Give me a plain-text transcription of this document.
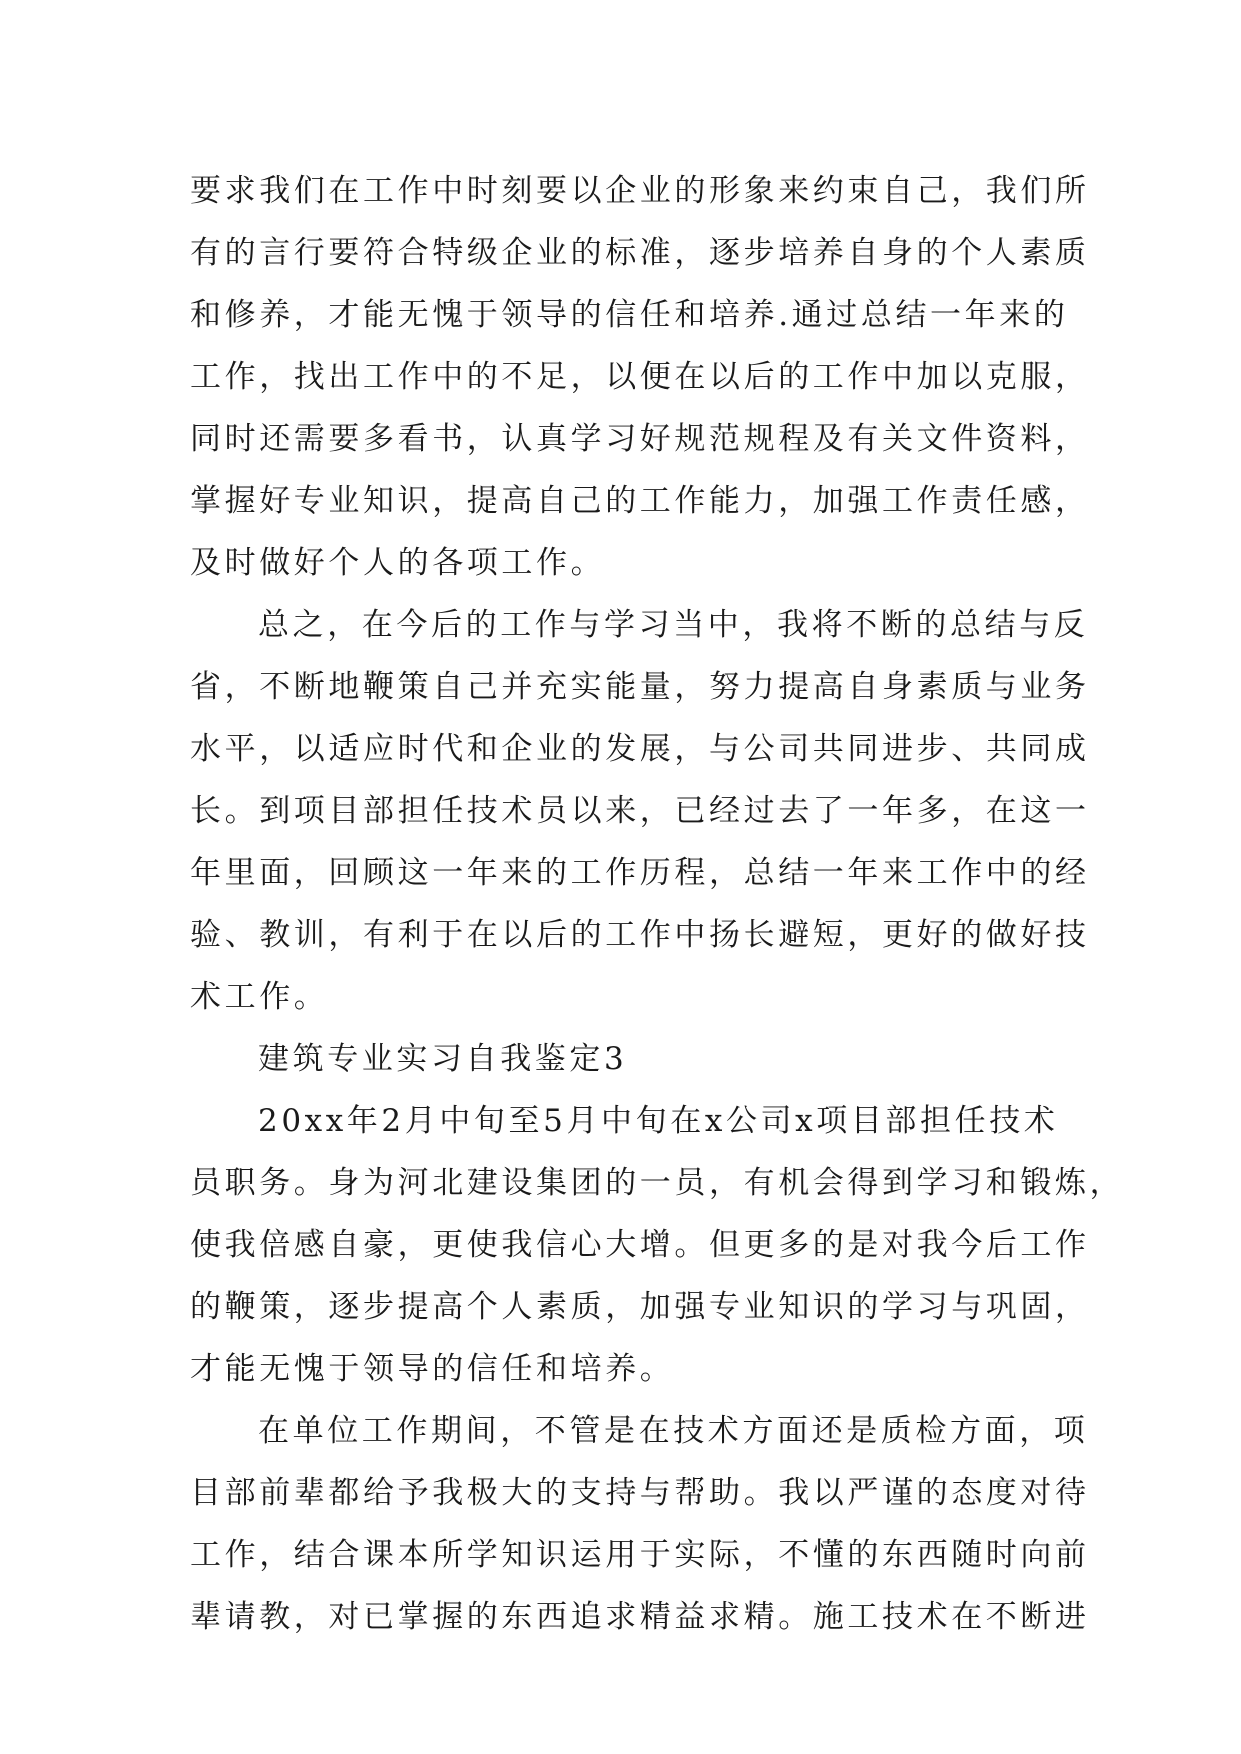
要求我们在工作中时刻要以企业的形象来约束自己，我们所
有的言行要符合特级企业的标准，逐步培养自身的个人素质
和修养，才能无愧于领导的信任和培养.通过总结一年来的
工作，找出工作中的不足，以便在以后的工作中加以克服，
同时还需要多看书，认真学习好规范规程及有关文件资料，
掌握好专业知识，提高自己的工作能力，加强工作责任感，
及时做好个人的各项工作。
总之，在今后的工作与学习当中，我将不断的总结与反
省，不断地鞭策自己并充实能量，努力提高自身素质与业务
水平，以适应时代和企业的发展，与公司共同进步、共同成
长。到项目部担任技术员以来，已经过去了一年多，在这一
年里面，回顾这一年来的工作历程，总结一年来工作中的经
验、教训，有利于在以后的工作中扬长避短，更好的做好技
术工作。
建筑专业实习自我鉴定3
20xx年2月中旬至5月中旬在x公司x项目部担任技术
员职务。身为河北建设集团的一员，有机会得到学习和锻炼，
使我倍感自豪，更使我信心大增。但更多的是对我今后工作
的鞭策，逐步提高个人素质，加强专业知识的学习与巩固，
才能无愧于领导的信任和培养。
在单位工作期间，不管是在技术方面还是质检方面，项
目部前辈都给予我极大的支持与帮助。我以严谨的态度对待
工作，结合课本所学知识运用于实际，不懂的东西随时向前
辈请教，对已掌握的东西追求精益求精。施工技术在不断进
